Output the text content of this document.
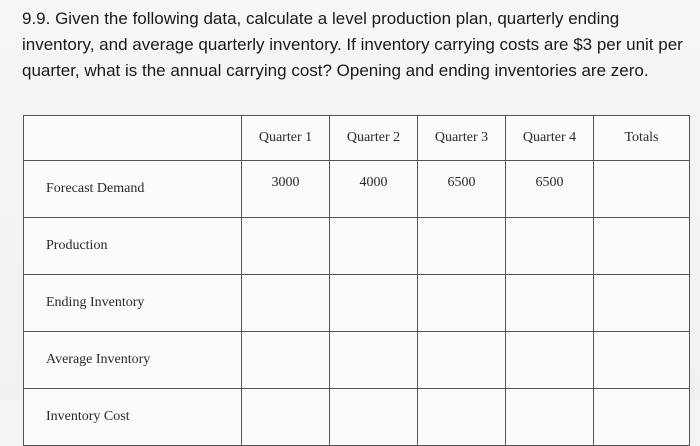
9.9. Given the following data, calculate a level production plan, quarterly ending inventory, and average quarterly inventory. If inventory carrying costs are $3 per unit per quarter, what is the annual carrying cost? Opening and ending inventories are zero.

	Quarter 1	Quarter 2	Quarter 3	Quarter 4	Totals
Forecast Demand	3000	4000	6500	6500	
Production					
Ending Inventory					
Average Inventory					
Inventory Cost					
